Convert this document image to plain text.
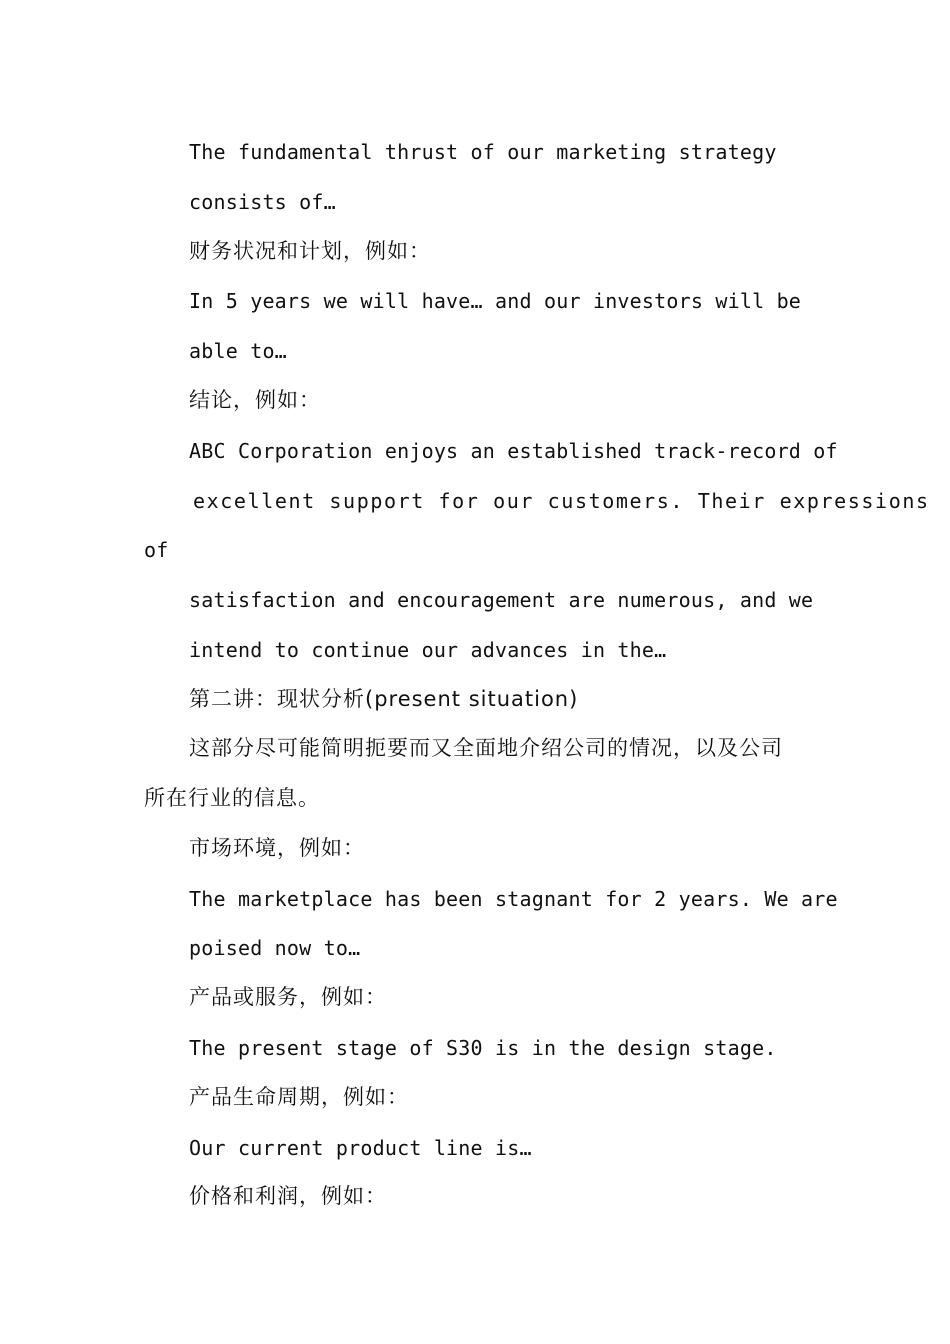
The fundamental thrust of our marketing strategy
consists of…
财务状况和计划，例如：
In 5 years we will have… and our investors will be
able to…
结论，例如：
ABC Corporation enjoys an established track-record of
excellent support for our customers. Their expressions
of
satisfaction and encouragement are numerous, and we
intend to continue our advances in the…
第二讲：现状分析(present situation)
这部分尽可能简明扼要而又全面地介绍公司的情况，以及公司
所在行业的信息。
市场环境，例如：
The marketplace has been stagnant for 2 years. We are
poised now to…
产品或服务，例如：
The present stage of S30 is in the design stage.
产品生命周期，例如：
Our current product line is…
价格和利润，例如：
